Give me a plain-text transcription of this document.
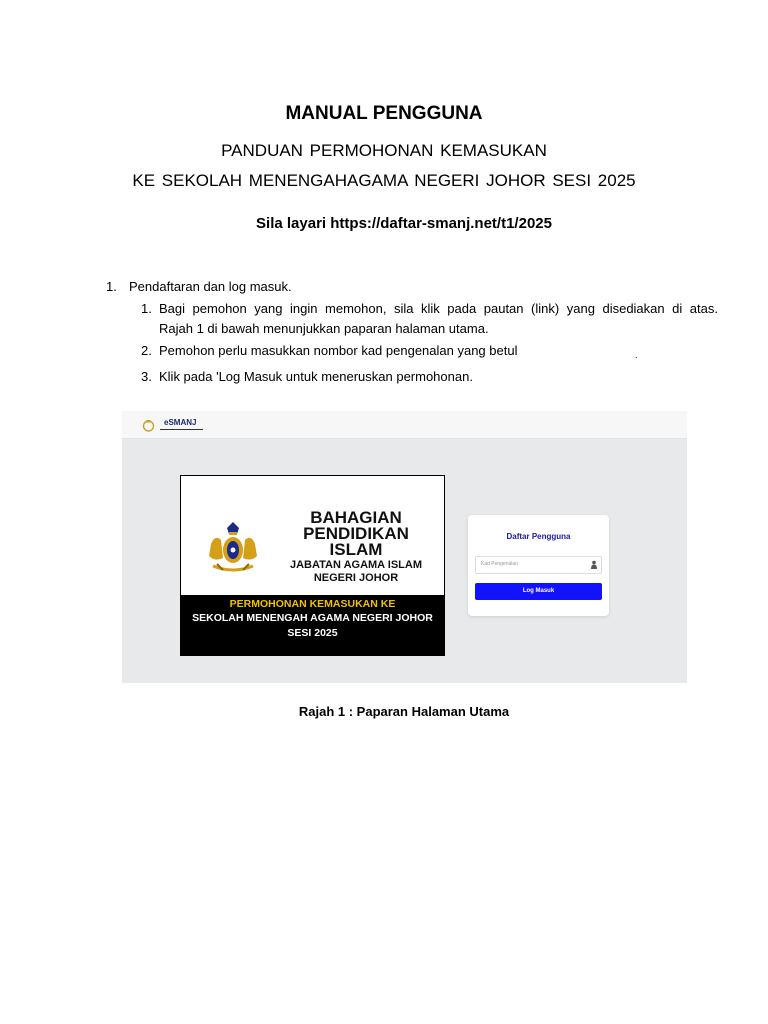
MANUAL PENGGUNA
PANDUAN PERMOHONAN KEMASUKAN
KE SEKOLAH MENENGAHAGAMA NEGERI JOHOR SESI 2025
Sila layari https://daftar-smanj.net/t1/2025
1. Pendaftaran dan log masuk.
1. Bagi pemohon yang ingin memohon, sila klik pada pautan (link) yang disediakan di atas.
Rajah 1 di bawah menunjukkan paparan halaman utama.
2. Pemohon perlu masukkan nombor kad pengenalan yang betul	.
3. Klik pada 'Log Masuk untuk meneruskan permohonan.
eSMANJ
BAHAGIAN
PENDIDIKAN
ISLAM
JABATAN AGAMA ISLAM
NEGERI JOHOR
PERMOHONAN KEMASUKAN KE
SEKOLAH MENENGAH AGAMA NEGERI JOHOR
SESI 2025
Daftar Pengguna
Kad Pengenalan
Log Masuk
Rajah 1 : Paparan Halaman Utama
